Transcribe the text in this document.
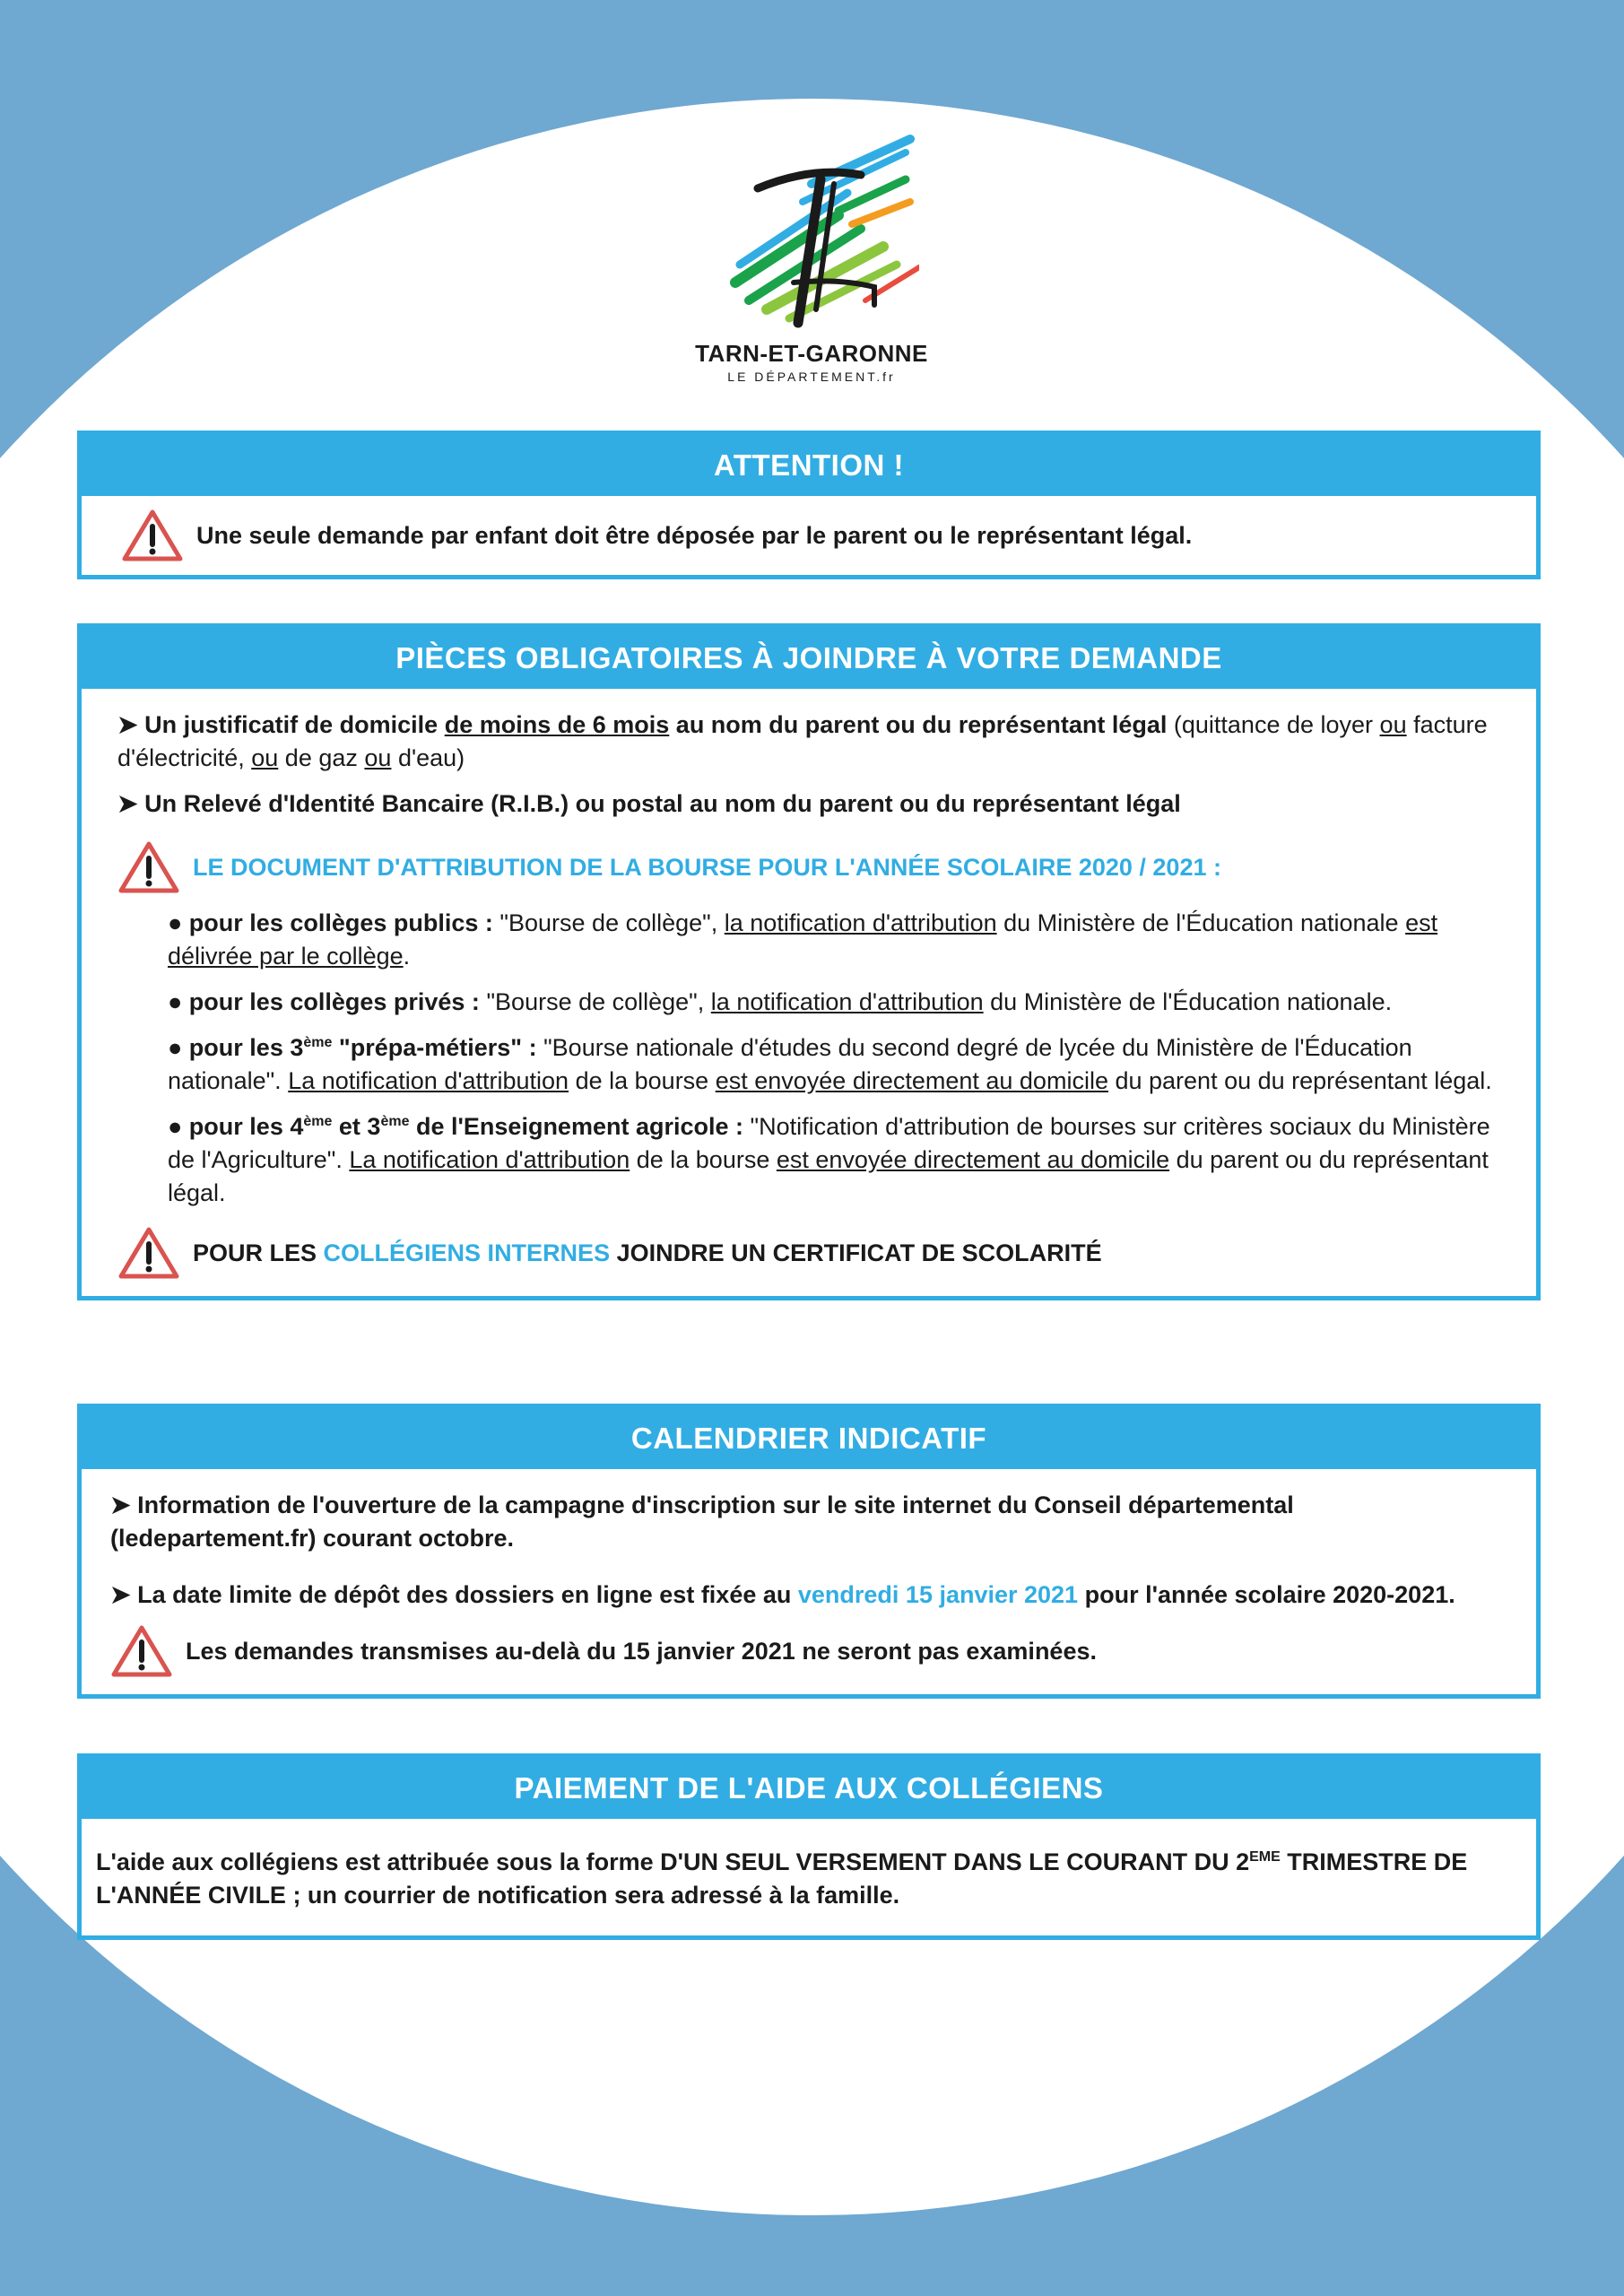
TARN-ET-GARONNE
LE DÉPARTEMENT.fr
ATTENTION !
Une seule demande par enfant doit être déposée par le parent ou le représentant légal.
PIÈCES OBLIGATOIRES À JOINDRE À VOTRE DEMANDE

➤ Un justificatif de domicile de moins de 6 mois au nom du parent ou du représentant légal (quittance de loyer ou facture d'électricité, ou de gaz ou d'eau)

➤ Un Relevé d'Identité Bancaire (R.I.B.) ou postal au nom du parent ou du représentant légal

LE DOCUMENT D'ATTRIBUTION DE LA BOURSE POUR L'ANNÉE SCOLAIRE 2020 / 2021 :

● pour les collèges publics : "Bourse de collège", la notification d'attribution du Ministère de l'Éducation nationale est délivrée par le collège.

● pour les collèges privés : "Bourse de collège", la notification d'attribution du Ministère de l'Éducation nationale.

● pour les 3ème "prépa-métiers" : "Bourse nationale d'études du second degré de lycée du Ministère de l'Éducation nationale". La notification d'attribution de la bourse est envoyée directement au domicile du parent ou du représentant légal.

● pour les 4ème et 3ème de l'Enseignement agricole : "Notification d'attribution de bourses sur critères sociaux du Ministère de l'Agriculture". La notification d'attribution de la bourse est envoyée directement au domicile du parent ou du représentant légal.

POUR LES COLLÉGIENS INTERNES JOINDRE UN CERTIFICAT DE SCOLARITÉ
CALENDRIER INDICATIF

➤ Information de l'ouverture de la campagne d'inscription sur le site internet du Conseil départemental (ledepartement.fr) courant octobre.

➤ La date limite de dépôt des dossiers en ligne est fixée au vendredi 15 janvier 2021 pour l'année scolaire 2020-2021.

Les demandes transmises au-delà du 15 janvier 2021 ne seront pas examinées.
PAIEMENT DE L'AIDE AUX COLLÉGIENS

L'aide aux collégiens est attribuée sous la forme D'UN SEUL VERSEMENT DANS LE COURANT DU 2EME TRIMESTRE DE L'ANNÉE CIVILE ; un courrier de notification sera adressé à la famille.
